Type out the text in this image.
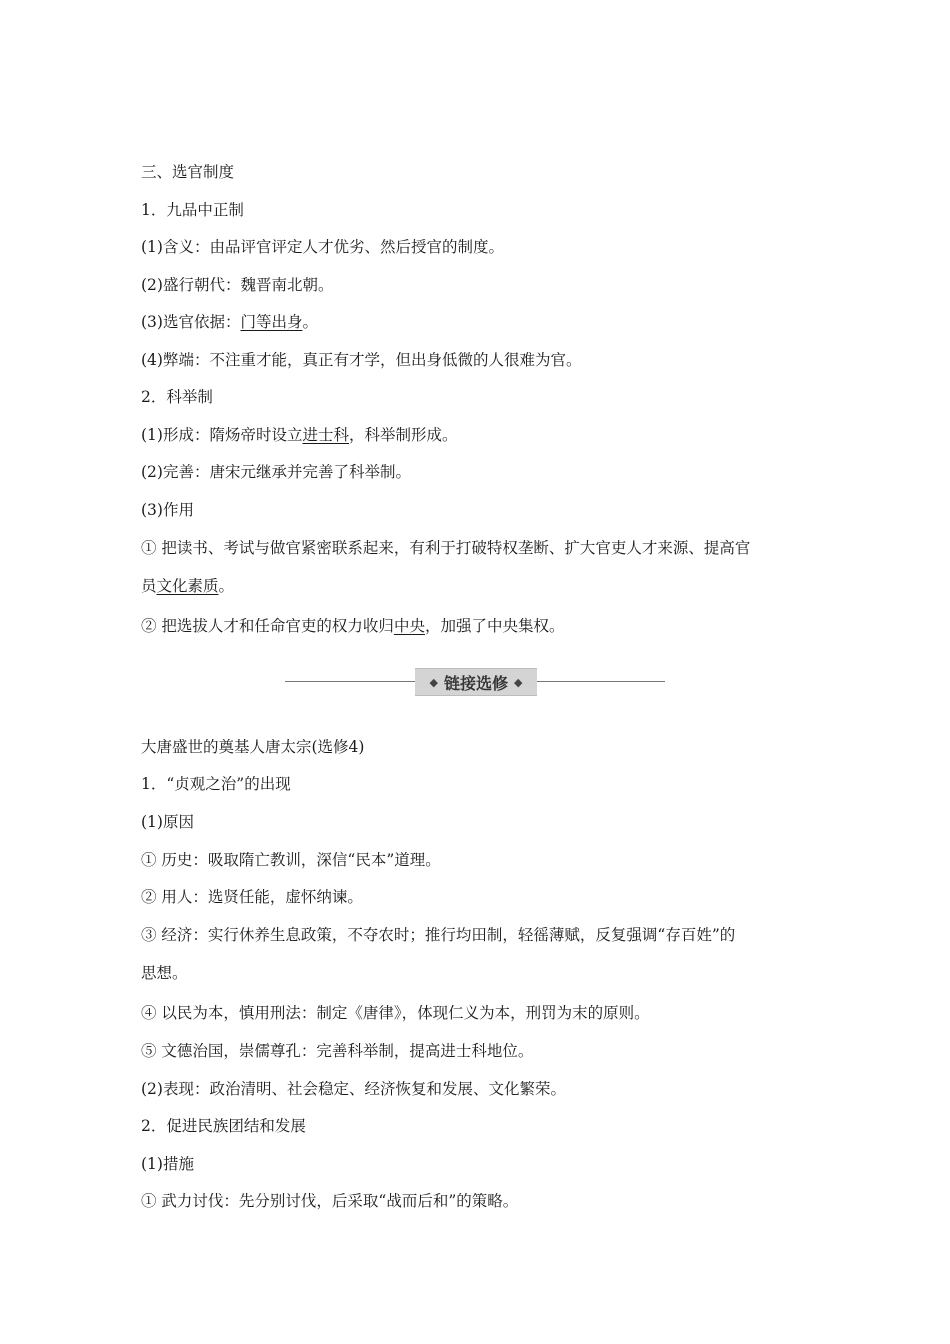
三、选官制度
1．九品中正制
(1)含义：由品评官评定人才优劣、然后授官的制度。
(2)盛行朝代：魏晋南北朝。
(3)选官依据：门等出身。
(4)弊端：不注重才能，真正有才学，但出身低微的人很难为官。
2．科举制
(1)形成：隋炀帝时设立进士科，科举制形成。
(2)完善：唐宋元继承并完善了科举制。
(3)作用
① 把读书、考试与做官紧密联系起来，有利于打破特权垄断、扩大官吏人才来源、提高官
员文化素质。
② 把选拔人才和任命官吏的权力收归中央，加强了中央集权。
大唐盛世的奠基人唐太宗(选修4)
1．“贞观之治”的出现
(1)原因
① 历史：吸取隋亡教训，深信“民本”道理。
② 用人：选贤任能，虚怀纳谏。
③ 经济：实行休养生息政策，不夺农时；推行均田制，轻徭薄赋，反复强调“存百姓”的
思想。
④ 以民为本，慎用刑法：制定《唐律》，体现仁义为本，刑罚为末的原则。
⑤ 文德治国，崇儒尊孔：完善科举制，提高进士科地位。
(2)表现：政治清明、社会稳定、经济恢复和发展、文化繁荣。
2．促进民族团结和发展
(1)措施
① 武力讨伐：先分别讨伐，后采取“战而后和”的策略。
◆ 链接选修 ◆
